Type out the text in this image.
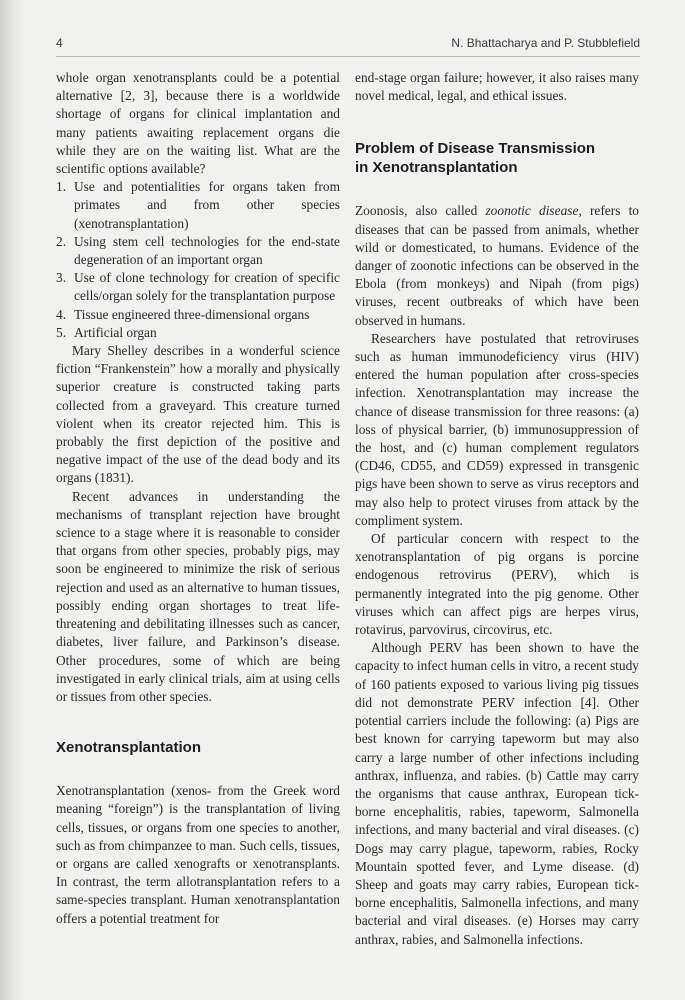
4	N. Bhattacharya and P. Stubblefield

whole organ xenotransplants could be a potential alternative [2, 3], because there is a worldwide shortage of organs for clinical implantation and many patients awaiting replacement organs die while they are on the waiting list. What are the scientific options available?

1. Use and potentialities for organs taken from primates and from other species (xenotransplantation)
2. Using stem cell technologies for the end-state degeneration of an important organ
3. Use of clone technology for creation of specific cells/organ solely for the transplantation purpose
4. Tissue engineered three-dimensional organs
5. Artificial organ

Mary Shelley describes in a wonderful science fiction “Frankenstein” how a morally and physically superior creature is constructed taking parts collected from a graveyard. This creature turned violent when its creator rejected him. This is probably the first depiction of the positive and negative impact of the use of the dead body and its organs (1831).

Recent advances in understanding the mechanisms of transplant rejection have brought science to a stage where it is reasonable to consider that organs from other species, probably pigs, may soon be engineered to minimize the risk of serious rejection and used as an alternative to human tissues, possibly ending organ shortages to treat life-threatening and debilitating illnesses such as cancer, diabetes, liver failure, and Parkinson’s disease. Other procedures, some of which are being investigated in early clinical trials, aim at using cells or tissues from other species.

Xenotransplantation

Xenotransplantation (xenos- from the Greek word meaning “foreign”) is the transplantation of living cells, tissues, or organs from one species to another, such as from chimpanzee to man. Such cells, tissues, or organs are called xenografts or xenotransplants. In contrast, the term allotransplantation refers to a same-species transplant. Human xenotransplantation offers a potential treatment for

end-stage organ failure; however, it also raises many novel medical, legal, and ethical issues.

Problem of Disease Transmission
in Xenotransplantation

Zoonosis, also called zoonotic disease, refers to diseases that can be passed from animals, whether wild or domesticated, to humans. Evidence of the danger of zoonotic infections can be observed in the Ebola (from monkeys) and Nipah (from pigs) viruses, recent outbreaks of which have been observed in humans.

Researchers have postulated that retroviruses such as human immunodeficiency virus (HIV) entered the human population after cross-species infection. Xenotransplantation may increase the chance of disease transmission for three reasons: (a) loss of physical barrier, (b) immunosuppression of the host, and (c) human complement regulators (CD46, CD55, and CD59) expressed in transgenic pigs have been shown to serve as virus receptors and may also help to protect viruses from attack by the compliment system.

Of particular concern with respect to the xenotransplantation of pig organs is porcine endogenous retrovirus (PERV), which is permanently integrated into the pig genome. Other viruses which can affect pigs are herpes virus, rotavirus, parvovirus, circovirus, etc.

Although PERV has been shown to have the capacity to infect human cells in vitro, a recent study of 160 patients exposed to various living pig tissues did not demonstrate PERV infection [4]. Other potential carriers include the following: (a) Pigs are best known for carrying tapeworm but may also carry a large number of other infections including anthrax, influenza, and rabies. (b) Cattle may carry the organisms that cause anthrax, European tick-borne encephalitis, rabies, tapeworm, Salmonella infections, and many bacterial and viral diseases. (c) Dogs may carry plague, tapeworm, rabies, Rocky Mountain spotted fever, and Lyme disease. (d) Sheep and goats may carry rabies, European tick-borne encephalitis, Salmonella infections, and many bacterial and viral diseases. (e) Horses may carry anthrax, rabies, and Salmonella infections.
